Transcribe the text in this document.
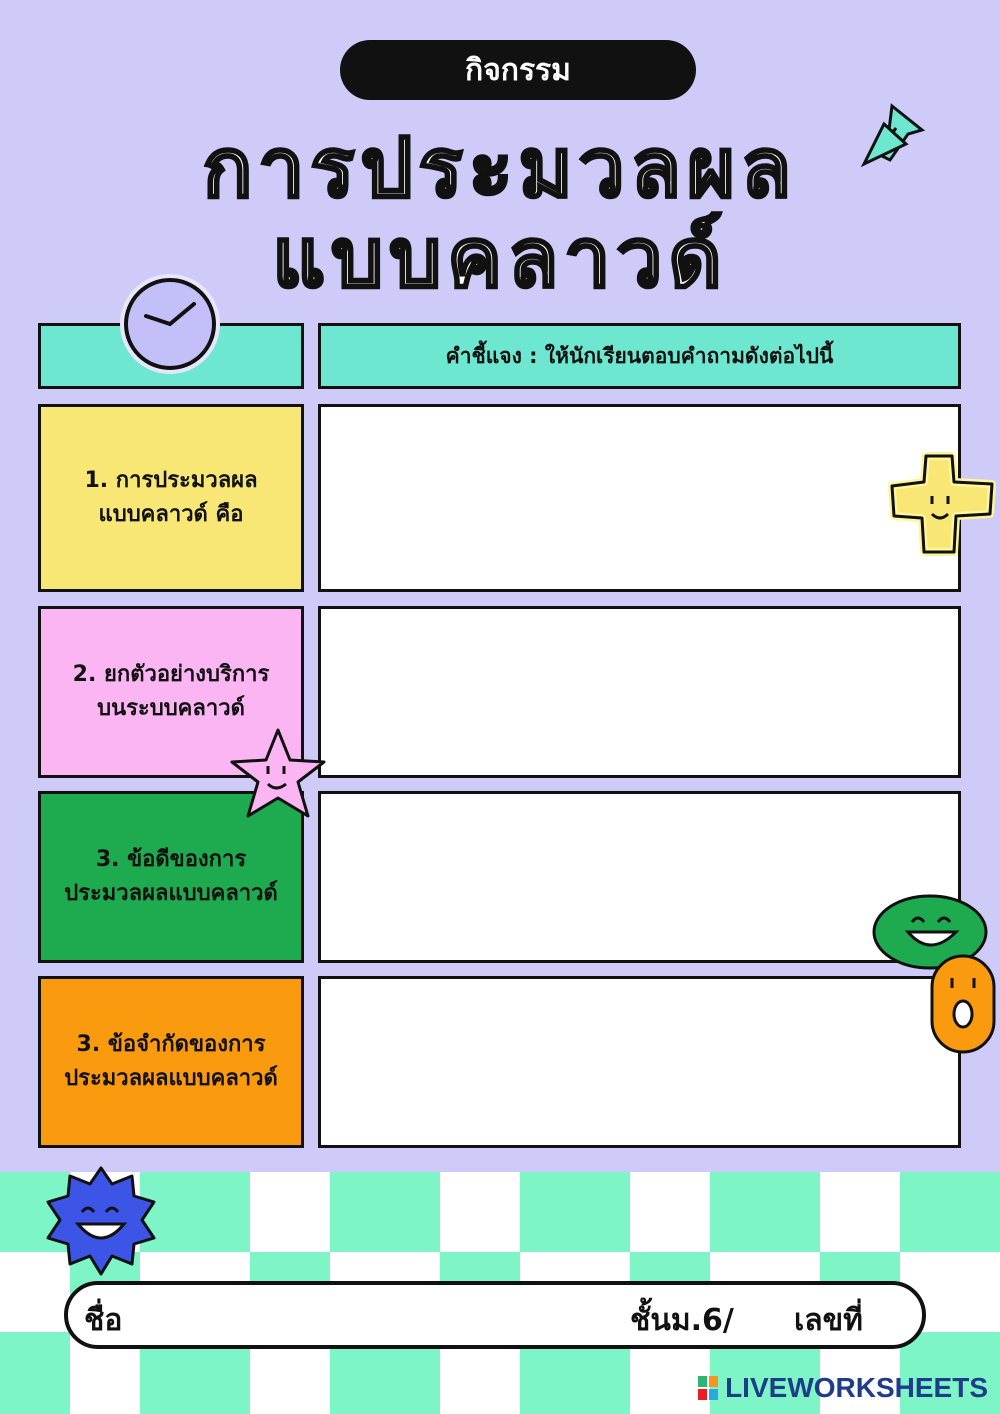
กิจกรรม
การประมวลผล
แบบคลาวด์
คำชี้แจง : ให้นักเรียนตอบคำถามดังต่อไปนี้
1. การประมวลผล
แบบคลาวด์ คือ
2. ยกตัวอย่างบริการ
บนระบบคลาวด์
3. ข้อดีของการ
ประมวลผลแบบคลาวด์
3. ข้อจำกัดของการ
ประมวลผลแบบคลาวด์
ชื่อ	ชั้นม.6/ เลขที่
LIVEWORKSHEETS
